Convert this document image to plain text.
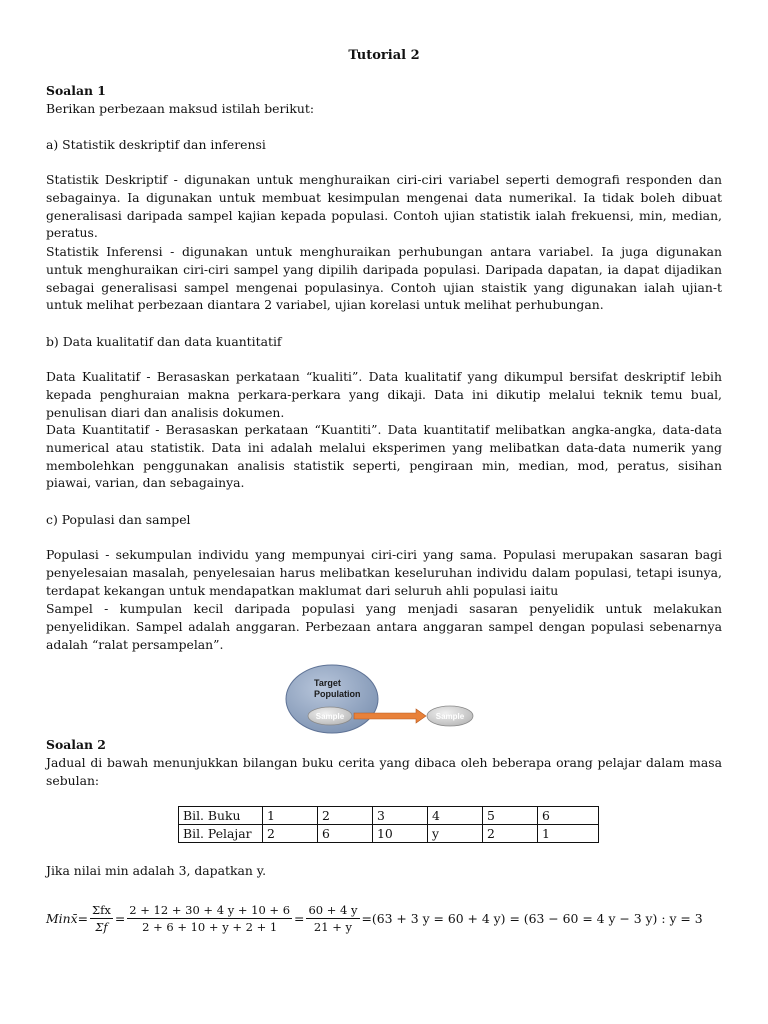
Tutorial 2
Soalan 1
Berikan perbezaan maksud istilah berikut:
a) Statistik deskriptif dan inferensi
Statistik Deskriptif - digunakan untuk menghuraikan ciri-ciri variabel seperti demografi responden dan sebagainya. Ia digunakan untuk membuat kesimpulan mengenai data numerikal. Ia tidak boleh dibuat generalisasi daripada sampel kajian kepada populasi. Contoh ujian statistik ialah frekuensi, min, median, peratus.
Statistik Inferensi - digunakan untuk menghuraikan perhubungan antara variabel. Ia juga digunakan untuk menghuraikan ciri-ciri sampel yang dipilih daripada populasi. Daripada dapatan, ia dapat dijadikan sebagai generalisasi sampel mengenai populasinya. Contoh ujian staistik yang digunakan ialah ujian-t untuk melihat perbezaan diantara 2 variabel, ujian korelasi untuk melihat perhubungan.
b) Data kualitatif dan data kuantitatif
Data Kualitatif - Berasaskan perkataan “kualiti”. Data kualitatif yang dikumpul bersifat deskriptif lebih kepada penghuraian makna perkara-perkara yang dikaji. Data ini dikutip melalui teknik temu bual, penulisan diari dan analisis dokumen.
Data Kuantitatif - Berasaskan perkataan “Kuantiti”. Data kuantitatif melibatkan angka-angka, data-data numerical atau statistik. Data ini adalah melalui eksperimen yang melibatkan data-data numerik yang membolehkan penggunakan analisis statistik seperti, pengiraan min, median, mod, peratus, sisihan piawai, varian, dan sebagainya.
c) Populasi dan sampel
Populasi - sekumpulan individu yang mempunyai ciri-ciri yang sama. Populasi merupakan sasaran bagi penyelesaian masalah, penyelesaian harus melibatkan keseluruhan individu dalam populasi, tetapi isunya, terdapat kekangan untuk mendapatkan maklumat dari seluruh ahli populasi iaitu
Sampel - kumpulan kecil daripada populasi yang menjadi sasaran penyelidik untuk melakukan penyelidikan. Sampel adalah anggaran. Perbezaan antara anggaran sampel dengan populasi sebenarnya adalah “ralat persampelan”.
Target
Population
Sample	Sample
Soalan 2
Jadual di bawah menunjukkan bilangan buku cerita yang dibaca oleh beberapa orang pelajar dalam masa sebulan:
Bil. Buku	1	2	3	4	5	6
Bil. Pelajar	2	6	10	y	2	1
Jika nilai min adalah 3, dapatkan y.
Min x̄ = $\frac{\text{Σfx}}{\Sigma f} = \frac{2 + 12 + 30 + 4 y + 10 + 6}{2 + 6 + 10 + y + 2 + 1} = \frac{60 + 4 y}{21 + y} =(63 + 3$ y = 60 + 4 y) = (63 − 60 = 4 y − 3 y) : y = 3
